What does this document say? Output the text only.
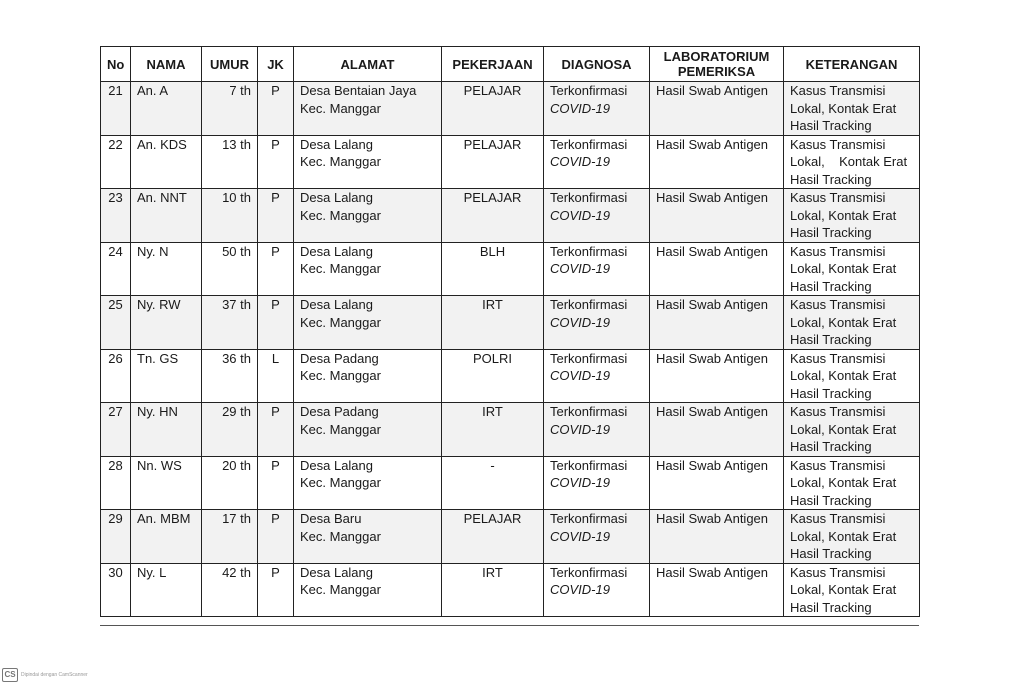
No	NAMA	UMUR	JK	ALAMAT	PEKERJAAN	DIAGNOSA	LABORATORIUM
PEMERIKSA	KETERANGAN

21	An. A	7 th	P	Desa Bentaian Jaya
Kec. Manggar	PELAJAR	Terkonfirmasi
COVID-19	Hasil Swab Antigen	Kasus Transmisi
Lokal, Kontak Erat
Hasil Tracking

22	An. KDS	13 th	P	Desa Lalang
Kec. Manggar	PELAJAR	Terkonfirmasi
COVID-19	Hasil Swab Antigen	Kasus Transmisi
Lokal,    Kontak Erat
Hasil Tracking

23	An. NNT	10 th	P	Desa Lalang
Kec. Manggar	PELAJAR	Terkonfirmasi
COVID-19	Hasil Swab Antigen	Kasus Transmisi
Lokal, Kontak Erat
Hasil Tracking

24	Ny. N	50 th	P	Desa Lalang
Kec. Manggar	BLH	Terkonfirmasi
COVID-19	Hasil Swab Antigen	Kasus Transmisi
Lokal, Kontak Erat
Hasil Tracking

25	Ny. RW	37 th	P	Desa Lalang
Kec. Manggar	IRT	Terkonfirmasi
COVID-19	Hasil Swab Antigen	Kasus Transmisi
Lokal, Kontak Erat
Hasil Tracking

26	Tn. GS	36 th	L	Desa Padang
Kec. Manggar	POLRI	Terkonfirmasi
COVID-19	Hasil Swab Antigen	Kasus Transmisi
Lokal, Kontak Erat
Hasil Tracking

27	Ny. HN	29 th	P	Desa Padang
Kec. Manggar	IRT	Terkonfirmasi
COVID-19	Hasil Swab Antigen	Kasus Transmisi
Lokal, Kontak Erat
Hasil Tracking

28	Nn. WS	20 th	P	Desa Lalang
Kec. Manggar	-	Terkonfirmasi
COVID-19	Hasil Swab Antigen	Kasus Transmisi
Lokal, Kontak Erat
Hasil Tracking

29	An. MBM	17 th	P	Desa Baru
Kec. Manggar	PELAJAR	Terkonfirmasi
COVID-19	Hasil Swab Antigen	Kasus Transmisi
Lokal, Kontak Erat
Hasil Tracking

30	Ny. L	42 th	P	Desa Lalang
Kec. Manggar	IRT	Terkonfirmasi
COVID-19	Hasil Swab Antigen	Kasus Transmisi
Lokal, Kontak Erat
Hasil Tracking
CS	Dipindai dengan CamScanner
